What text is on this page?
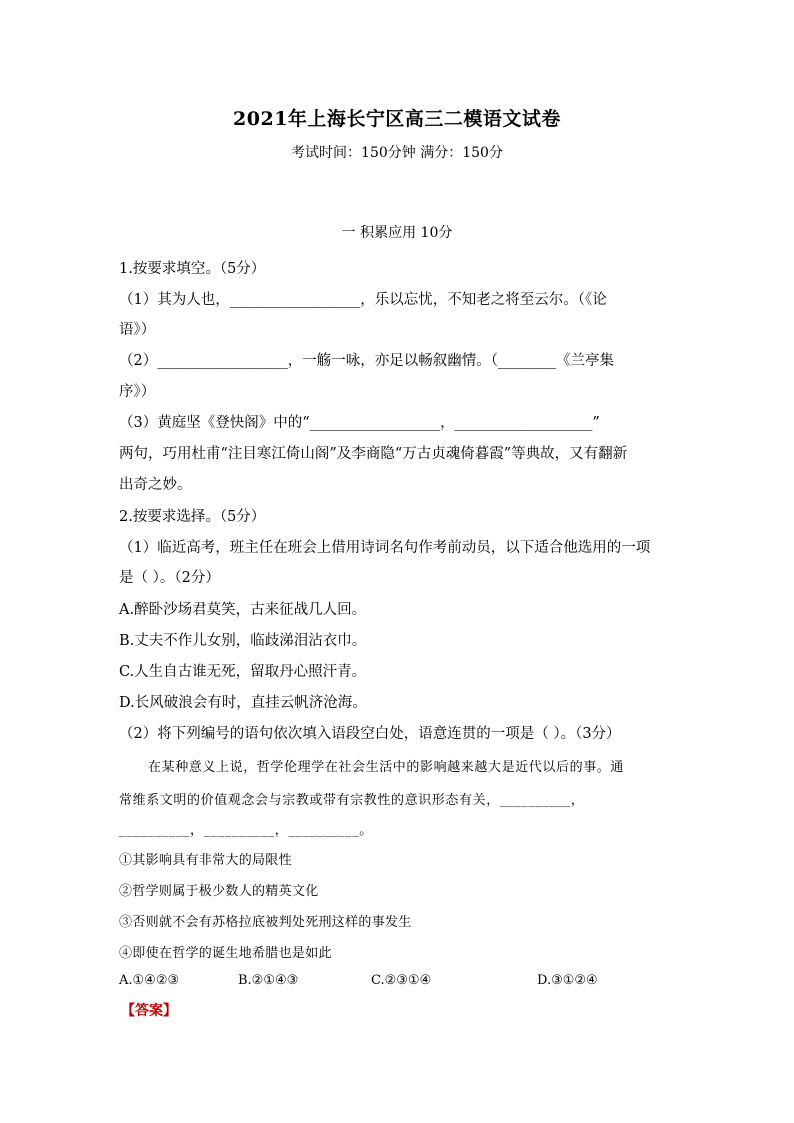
2021年上海长宁区高三二模语文试卷
考试时间：150分钟 满分：150分
一 积累应用 10分
1.按要求填空。（5分）
（1）其为人也，__________________，乐以忘忧，不知老之将至云尔。（《论
语》）
（2）__________________，一觞一咏，亦足以畅叙幽情。（________《兰亭集
序》）
（3）黄庭坚《登快阁》中的“__________________，___________________”
两句，巧用杜甫“注目寒江倚山阁”及李商隐“万古贞魂倚暮霞”等典故，又有翻新
出奇之妙。
2.按要求选择。（5分）
（1）临近高考，班主任在班会上借用诗词名句作考前动员，以下适合他选用的一项
是（ ）。（2分）
A.醉卧沙场君莫笑，古来征战几人回。
B.丈夫不作儿女别，临歧涕泪沾衣巾。
C.人生自古谁无死，留取丹心照汗青。
D.长风破浪会有时，直挂云帆济沧海。
（2）将下列编号的语句依次填入语段空白处，语意连贯的一项是（ ）。（3分）
在某种意义上说，哲学伦理学在社会生活中的影响越来越大是近代以后的事。通
常维系文明的价值观念会与宗教或带有宗教性的意识形态有关，__________，
__________，__________，__________。
①其影响具有非常大的局限性
②哲学则属于极少数人的精英文化
③否则就不会有苏格拉底被判处死刑这样的事发生
④即使在哲学的诞生地希腊也是如此
A.①④②③	B.②①④③	C.②③①④	D.③①②④
【答案】
